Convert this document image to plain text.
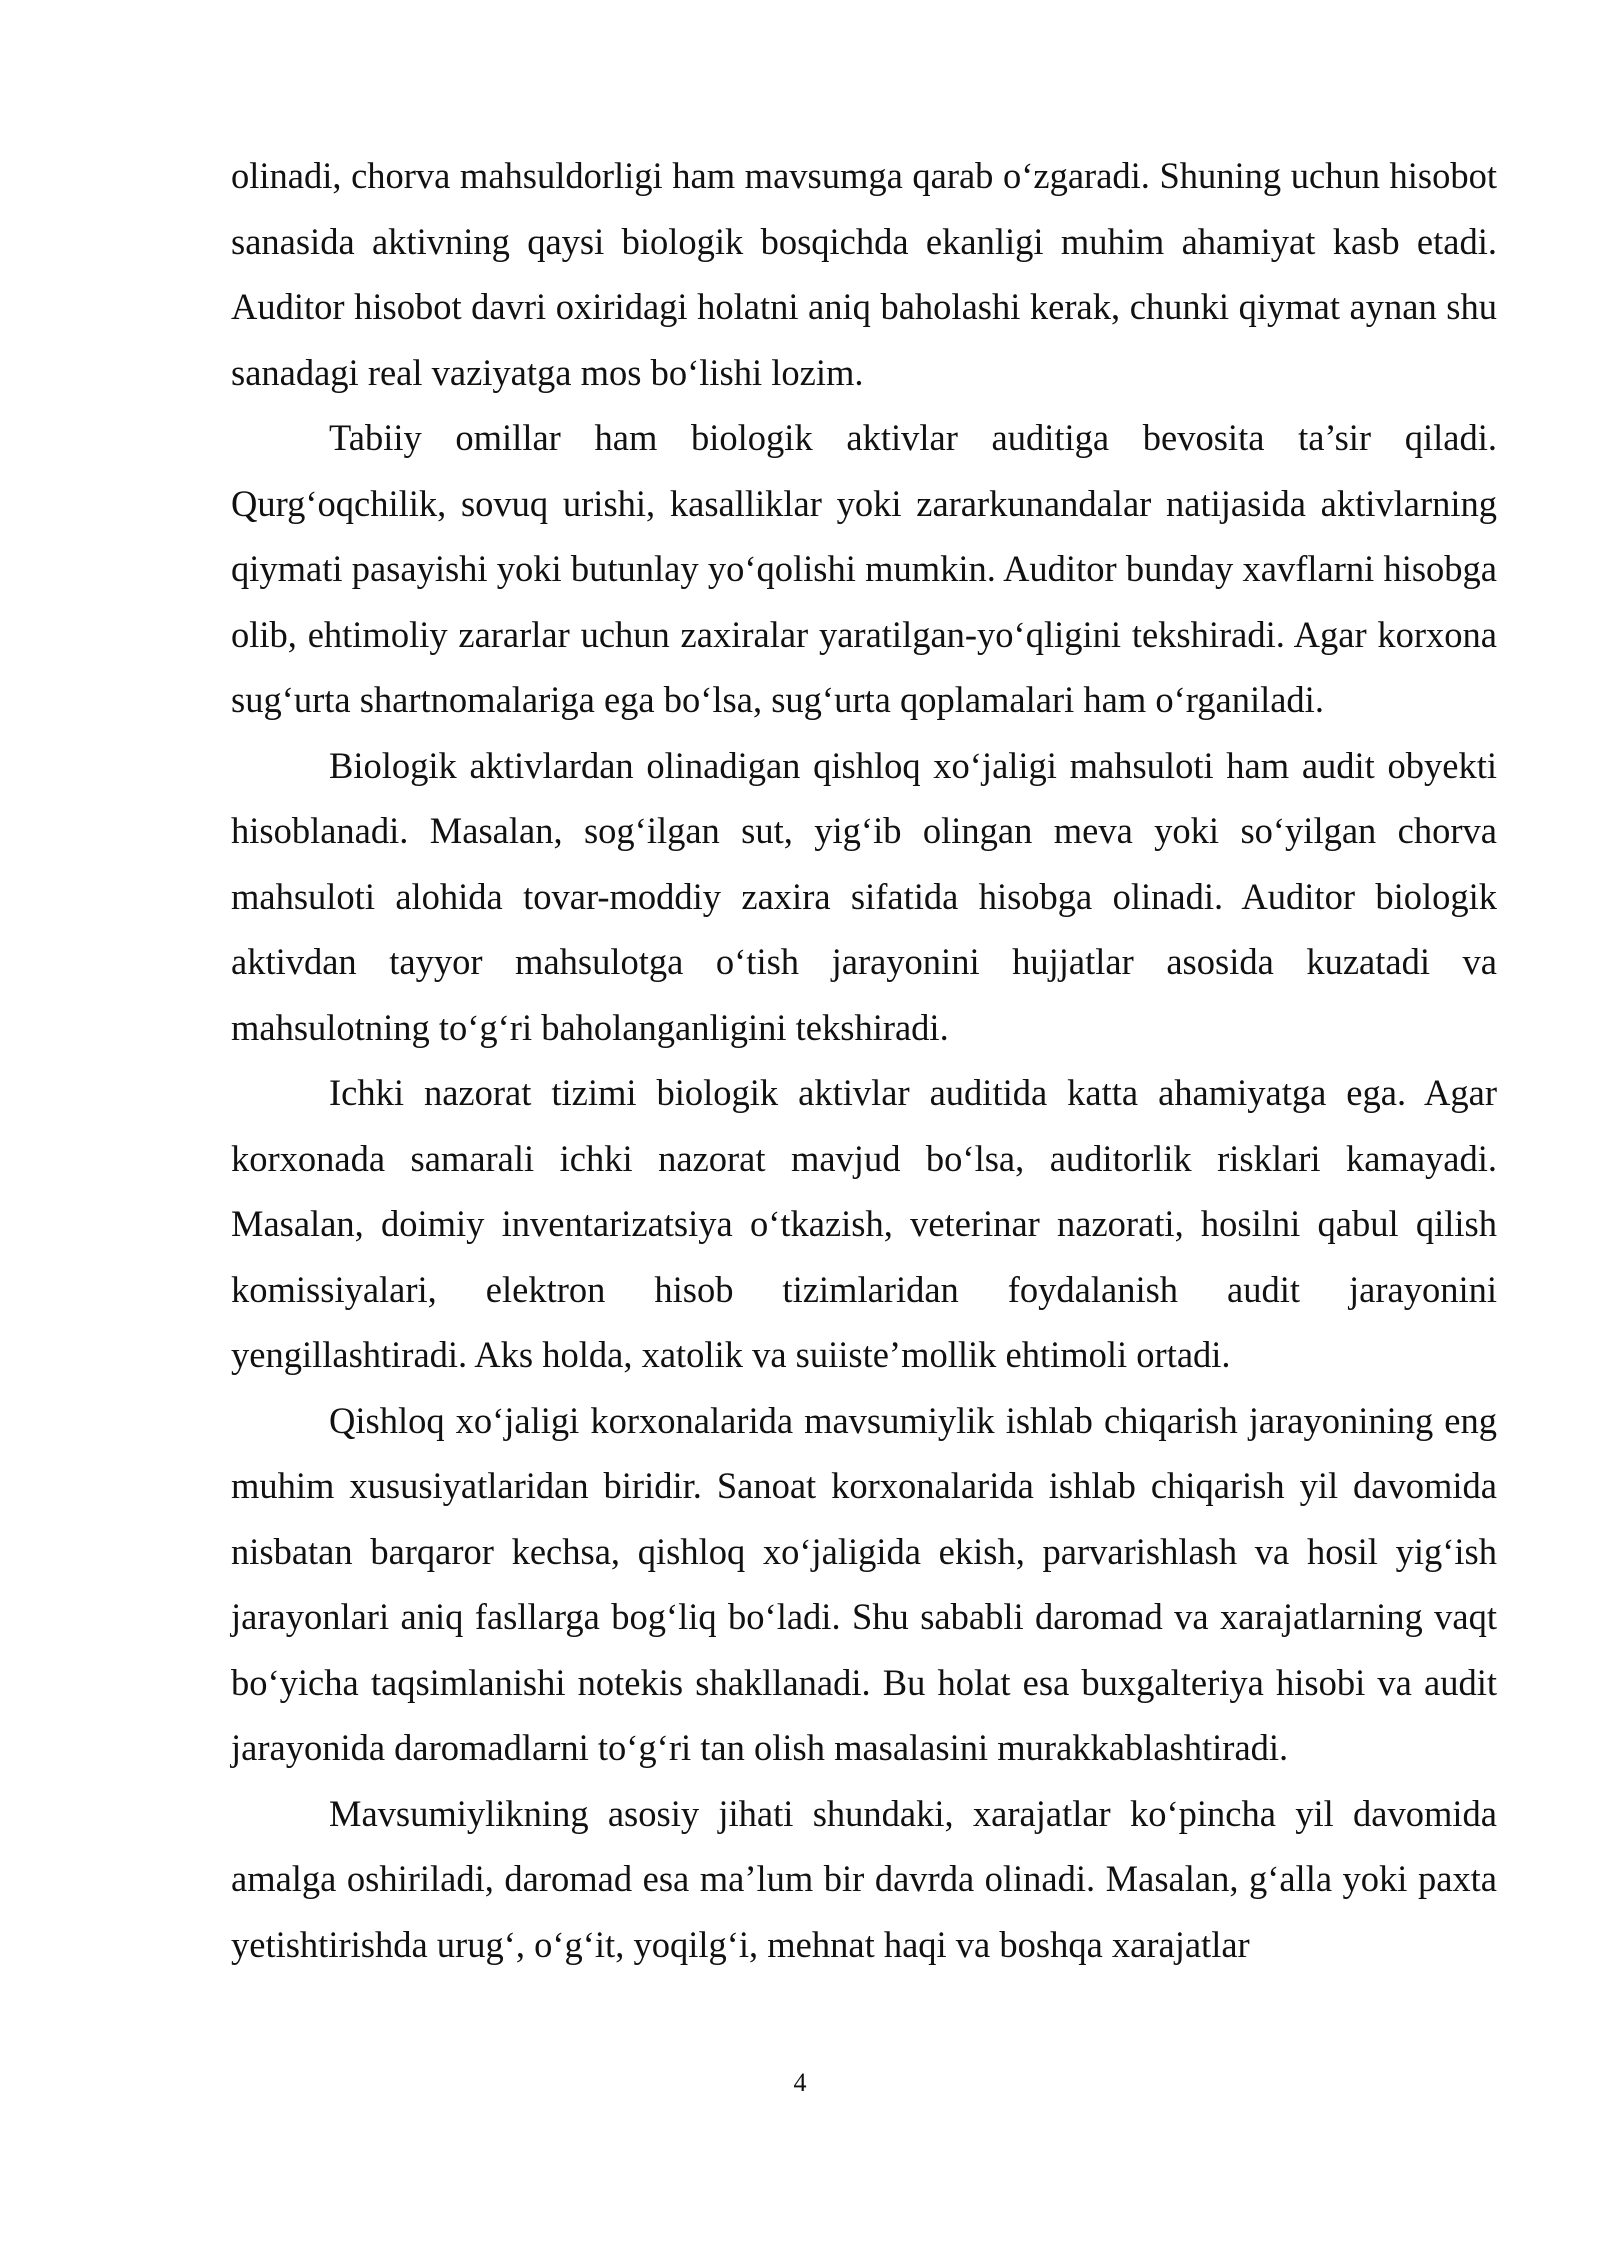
olinadi, chorva mahsuldorligi ham mavsumga qarab o‘zgaradi. Shuning uchun hisobot sanasida aktivning qaysi biologik bosqichda ekanligi muhim ahamiyat kasb etadi. Auditor hisobot davri oxiridagi holatni aniq baholashi kerak, chunki qiymat aynan shu sanadagi real vaziyatga mos bo‘lishi lozim.

Tabiiy omillar ham biologik aktivlar auditiga bevosita ta’sir qiladi. Qurg‘oqchilik, sovuq urishi, kasalliklar yoki zararkunandalar natijasida aktivlarning qiymati pasayishi yoki butunlay yo‘qolishi mumkin. Auditor bunday xavflarni hisobga olib, ehtimoliy zararlar uchun zaxiralar yaratilgan-yo‘qligini tekshiradi. Agar korxona sug‘urta shartnomalariga ega bo‘lsa, sug‘urta qoplamalari ham o‘rganiladi.

Biologik aktivlardan olinadigan qishloq xo‘jaligi mahsuloti ham audit obyekti hisoblanadi. Masalan, sog‘ilgan sut, yig‘ib olingan meva yoki so‘yilgan chorva mahsuloti alohida tovar-moddiy zaxira sifatida hisobga olinadi. Auditor biologik aktivdan tayyor mahsulotga o‘tish jarayonini hujjatlar asosida kuzatadi va mahsulotning to‘g‘ri baholanganligini tekshiradi.

Ichki nazorat tizimi biologik aktivlar auditida katta ahamiyatga ega. Agar korxonada samarali ichki nazorat mavjud bo‘lsa, auditorlik risklari kamayadi. Masalan, doimiy inventarizatsiya o‘tkazish, veterinar nazorati, hosilni qabul qilish komissiyalari, elektron hisob tizimlaridan foydalanish audit jarayonini yengillashtiradi. Aks holda, xatolik va suiiste’mollik ehtimoli ortadi.

Qishloq xo‘jaligi korxonalarida mavsumiylik ishlab chiqarish jarayonining eng muhim xususiyatlaridan biridir. Sanoat korxonalarida ishlab chiqarish yil davomida nisbatan barqaror kechsa, qishloq xo‘jaligida ekish, parvarishlash va hosil yig‘ish jarayonlari aniq fasllarga bog‘liq bo‘ladi. Shu sababli daromad va xarajatlarning vaqt bo‘yicha taqsimlanishi notekis shakllanadi. Bu holat esa buxgalteriya hisobi va audit jarayonida daromadlarni to‘g‘ri tan olish masalasini murakkablashtiradi.

Mavsumiylikning asosiy jihati shundaki, xarajatlar ko‘pincha yil davomida amalga oshiriladi, daromad esa ma’lum bir davrda olinadi. Masalan, g‘alla yoki paxta yetishtirishda urug‘, o‘g‘it, yoqilg‘i, mehnat haqi va boshqa xarajatlar

4
